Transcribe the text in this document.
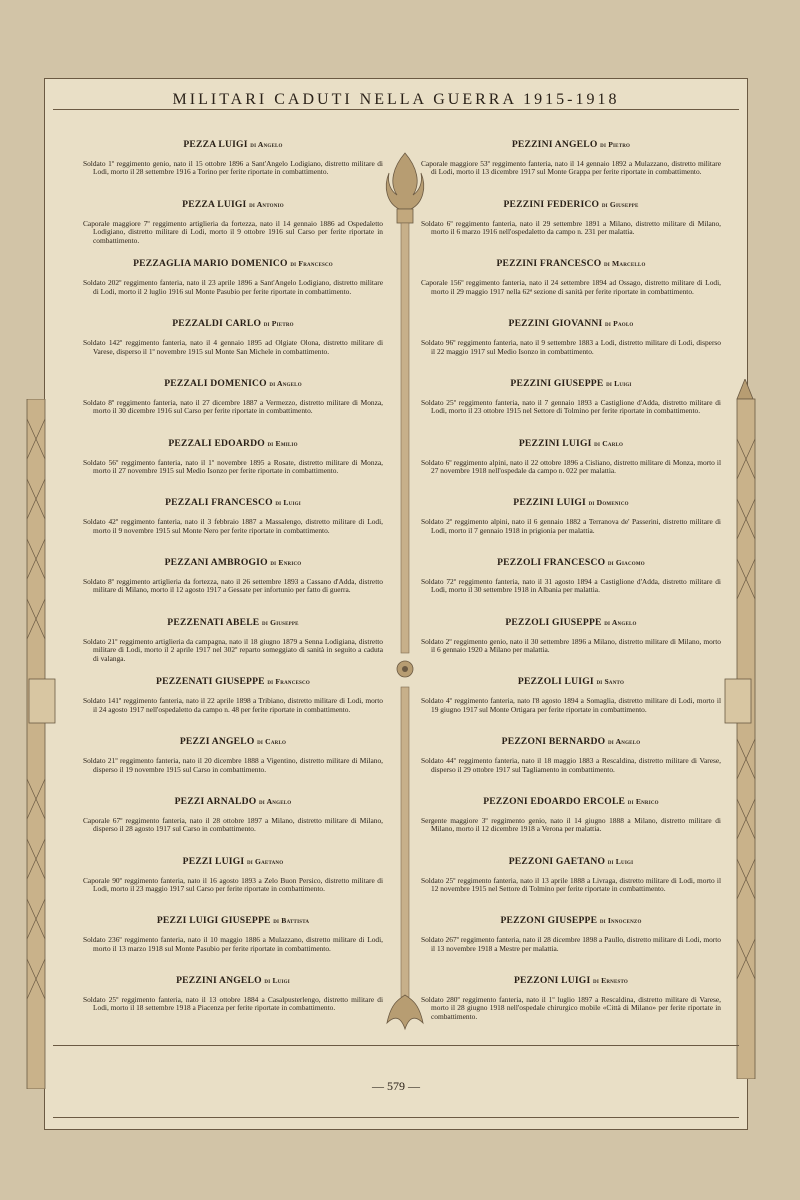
MILITARI CADUTI NELLA GUERRA 1915-1918
PEZZA LUIGI di Angelo

Soldato 1º reggimento genio, nato il 15 ottobre 1896 a Sant'Angelo Lodigiano, distretto militare di Lodi, morto il 28 settembre 1916 a Torino per ferite riportate in combattimento.

PEZZA LUIGI di Antonio

Caporale maggiore 7º reggimento artiglieria da fortezza, nato il 14 gennaio 1886 ad Ospedaletto Lodigiano, distretto militare di Lodi, morto il 9 ottobre 1916 sul Carso per ferite riportate in combattimento.

PEZZAGLIA MARIO DOMENICO di Francesco

Soldato 202º reggimento fanteria, nato il 23 aprile 1896 a Sant'Angelo Lodigiano, distretto militare di Lodi, morto il 2 luglio 1916 sul Monte Pasubio per ferite riportate in combattimento.

PEZZALDI CARLO di Pietro

Soldato 142º reggimento fanteria, nato il 4 gennaio 1895 ad Olgiate Olona, distretto militare di Varese, disperso il 1º novembre 1915 sul Monte San Michele in combattimento.

PEZZALI DOMENICO di Angelo

Soldato 8º reggimento fanteria, nato il 27 dicembre 1887 a Vermezzo, distretto militare di Monza, morto il 30 dicembre 1916 sul Carso per ferite riportate in combattimento.

PEZZALI EDOARDO di Emilio

Soldato 56º reggimento fanteria, nato il 1º novembre 1895 a Rosate, distretto militare di Monza, morto il 27 novembre 1915 sul Medio Isonzo per ferite riportate in combattimento.

PEZZALI FRANCESCO di Luigi

Soldato 42º reggimento fanteria, nato il 3 febbraio 1887 a Massalengo, distretto militare di Lodi, morto il 9 novembre 1915 sul Monte Nero per ferite riportate in combattimento.

PEZZANI AMBROGIO di Enrico

Soldato 8º reggimento artiglieria da fortezza, nato il 26 settembre 1893 a Cassano d'Adda, distretto militare di Milano, morto il 12 agosto 1917 a Gessate per infortunio per fatto di guerra.

PEZZENATI ABELE di Giuseppe

Soldato 21º reggimento artiglieria da campagna, nato il 18 giugno 1879 a Senna Lodigiana, distretto militare di Lodi, morto il 2 aprile 1917 nel 302º reparto someggiato di sanità in seguito a caduta di valanga.

PEZZENATI GIUSEPPE di Francesco

Soldato 141º reggimento fanteria, nato il 22 aprile 1898 a Tribiano, distretto militare di Lodi, morto il 24 agosto 1917 nell'ospedaletto da campo n. 48 per ferite riportate in combattimento.

PEZZI ANGELO di Carlo

Soldato 21º reggimento fanteria, nato il 20 dicembre 1888 a Vigentino, distretto militare di Milano, disperso il 19 novembre 1915 sul Carso in combattimento.

PEZZI ARNALDO di Angelo

Caporale 67º reggimento fanteria, nato il 28 ottobre 1897 a Milano, distretto militare di Milano, disperso il 28 agosto 1917 sul Carso in combattimento.

PEZZI LUIGI di Gaetano

Caporale 90º reggimento fanteria, nato il 16 agosto 1893 a Zelo Buon Persico, distretto militare di Lodi, morto il 23 maggio 1917 sul Carso per ferite riportate in combattimento.

PEZZI LUIGI GIUSEPPE di Battista

Soldato 236º reggimento fanteria, nato il 10 maggio 1886 a Mulazzano, distretto militare di Lodi, morto il 13 marzo 1918 sul Monte Pasubio per ferite riportate in combattimento.

PEZZINI ANGELO di Luigi

Soldato 25º reggimento fanteria, nato il 13 ottobre 1884 a Casalpusterlengo, distretto militare di Lodi, morto il 18 settembre 1918 a Piacenza per ferite riportate in combattimento.

PEZZINI ANGELO di Pietro

Caporale maggiore 53º reggimento fanteria, nato il 14 gennaio 1892 a Mulazzano, distretto militare di Lodi, morto il 13 dicembre 1917 sul Monte Grappa per ferite riportate in combattimento.

PEZZINI FEDERICO di Giuseppe

Soldato 6º reggimento fanteria, nato il 29 settembre 1891 a Milano, distretto militare di Milano, morto il 6 marzo 1916 nell'ospedaletto da campo n. 231 per malattia.

PEZZINI FRANCESCO di Marcello

Caporale 156º reggimento fanteria, nato il 24 settembre 1894 ad Ossago, distretto militare di Lodi, morto il 29 maggio 1917 nella 62ª sezione di sanità per ferite riportate in combattimento.

PEZZINI GIOVANNI di Paolo

Soldato 96º reggimento fanteria, nato il 9 settembre 1883 a Lodi, distretto militare di Lodi, disperso il 22 maggio 1917 sul Medio Isonzo in combattimento.

PEZZINI GIUSEPPE di Luigi

Soldato 25º reggimento fanteria, nato il 7 gennaio 1893 a Castiglione d'Adda, distretto militare di Lodi, morto il 23 ottobre 1915 nel Settore di Tolmino per ferite riportate in combattimento.

PEZZINI LUIGI di Carlo

Soldato 6º reggimento alpini, nato il 22 ottobre 1896 a Cisliano, distretto militare di Monza, morto il 27 novembre 1918 nell'ospedale da campo n. 022 per malattia.

PEZZINI LUIGI di Domenico

Soldato 2º reggimento alpini, nato il 6 gennaio 1882 a Terranova de' Passerini, distretto militare di Lodi, morto il 7 gennaio 1918 in prigionia per malattia.

PEZZOLI FRANCESCO di Giacomo

Soldato 72º reggimento fanteria, nato il 31 agosto 1894 a Castiglione d'Adda, distretto militare di Lodi, morto il 30 settembre 1918 in Albania per malattia.

PEZZOLI GIUSEPPE di Angelo

Soldato 2º reggimento genio, nato il 30 settembre 1896 a Milano, distretto militare di Milano, morto il 6 gennaio 1920 a Milano per malattia.

PEZZOLI LUIGI di Santo

Soldato 4º reggimento fanteria, nato l'8 agosto 1894 a Somaglia, distretto militare di Lodi, morto il 19 giugno 1917 sul Monte Ortigara per ferite riportate in combattimento.

PEZZONI BERNARDO di Angelo

Soldato 44º reggimento fanteria, nato il 18 maggio 1883 a Rescaldina, distretto militare di Varese, disperso il 29 ottobre 1917 sul Tagliamento in combattimento.

PEZZONI EDOARDO ERCOLE di Enrico

Sergente maggiore 3º reggimento genio, nato il 14 giugno 1888 a Milano, distretto militare di Milano, morto il 12 dicembre 1918 a Verona per malattia.

PEZZONI GAETANO di Luigi

Soldato 25º reggimento fanteria, nato il 13 aprile 1888 a Livraga, distretto militare di Lodi, morto il 12 novembre 1915 nel Settore di Tolmino per ferite riportate in combattimento.

PEZZONI GIUSEPPE di Innocenzo

Soldato 267º reggimento fanteria, nato il 28 dicembre 1898 a Paullo, distretto militare di Lodi, morto il 13 novembre 1918 a Mestre per malattia.

PEZZONI LUIGI di Ernesto

Soldato 280º reggimento fanteria, nato il 1º luglio 1897 a Rescaldina, distretto militare di Varese, morto il 28 giugno 1918 nell'ospedale chirurgico mobile «Città di Milano» per ferite riportate in combattimento.

— 579 —
